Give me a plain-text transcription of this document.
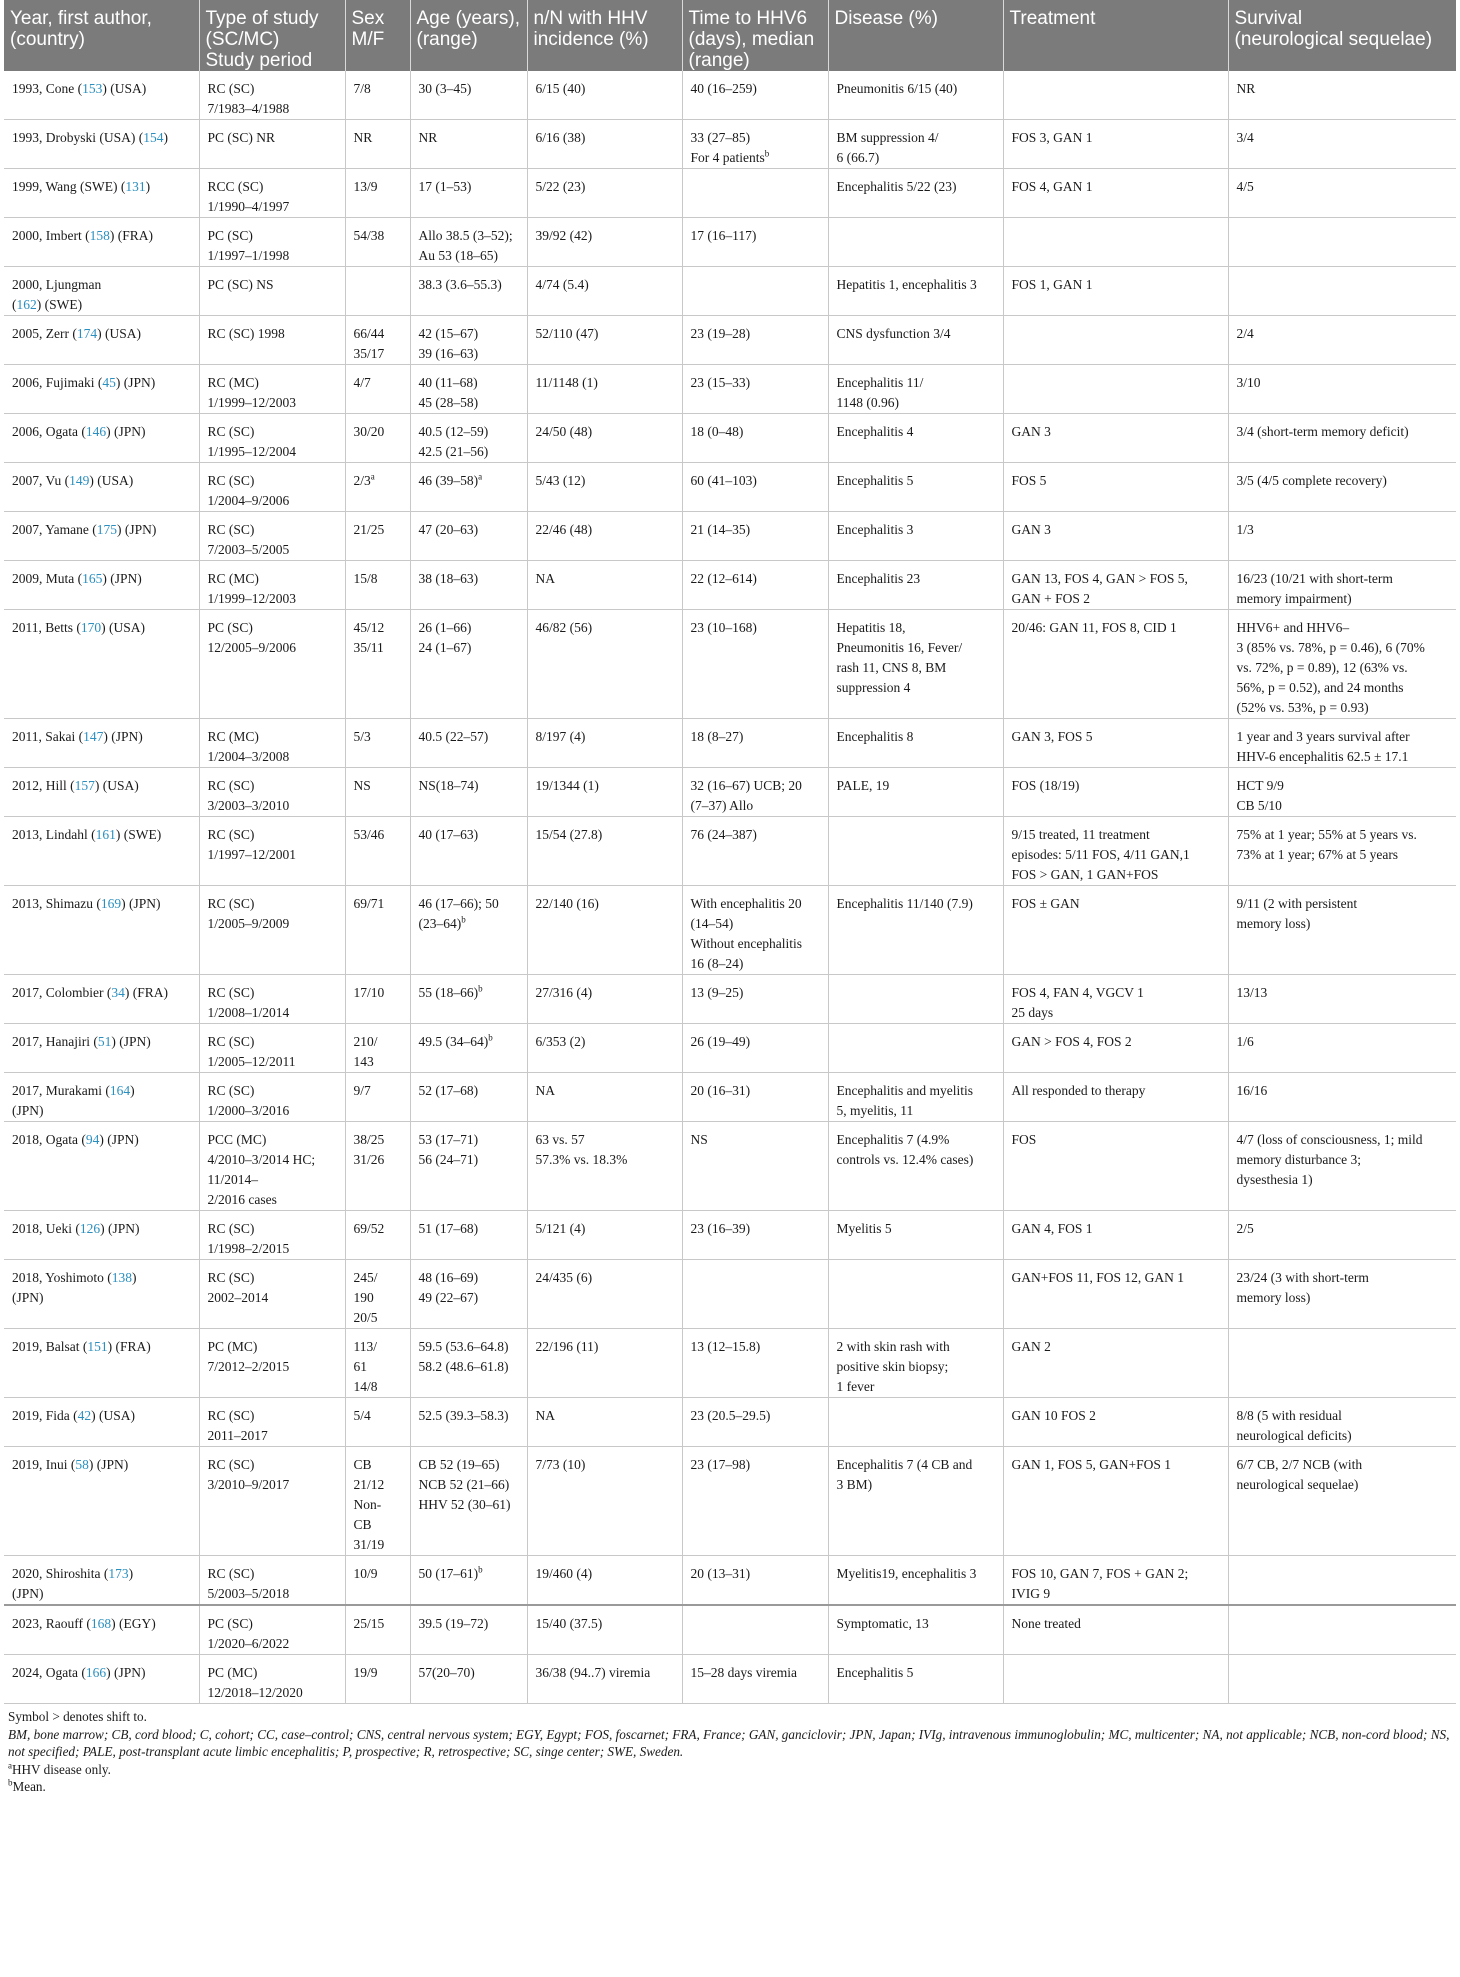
Year, first author,
(country)	Type of study
(SC/MC)
Study period	Sex
M/F	Age (years),
(range)	n/N with HHV
incidence (%)	Time to HHV6
(days), median
(range)	Disease (%)	Treatment	Survival
(neurological sequelae)
1993, Cone (153) (USA)	RC (SC)
7/1983–4/1988	7/8	30 (3–45)	6/15 (40)	40 (16–259)	Pneumonitis 6/15 (40)		NR
1993, Drobyski (USA) (154)	PC (SC) NR	NR	NR	6/16 (38)	33 (27–85)
For 4 patients$^b$	BM suppression 4/
6 (66.7)	FOS 3, GAN 1	3/4
1999, Wang (SWE) (131)	RCC (SC)
1/1990–4/1997	13/9	17 (1–53)	5/22 (23)		Encephalitis 5/22 (23)	FOS 4, GAN 1	4/5
2000, Imbert (158) (FRA)	PC (SC)
1/1997–1/1998	54/38	Allo 38.5 (3–52);
Au 53 (18–65)	39/92 (42)	17 (16–117)			
2000, Ljungman
(162) (SWE)	PC (SC) NS		38.3 (3.6–55.3)	4/74 (5.4)		Hepatitis 1, encephalitis 3	FOS 1, GAN 1	
2005, Zerr (174) (USA)	RC (SC) 1998	66/44
35/17	42 (15–67)
39 (16–63)	52/110 (47)	23 (19–28)	CNS dysfunction 3/4		2/4
2006, Fujimaki (45) (JPN)	RC (MC)
1/1999–12/2003	4/7	40 (11–68)
45 (28–58)	11/1148 (1)	23 (15–33)	Encephalitis 11/
1148 (0.96)		3/10
2006, Ogata (146) (JPN)	RC (SC)
1/1995–12/2004	30/20	40.5 (12–59)
42.5 (21–56)	24/50 (48)	18 (0–48)	Encephalitis 4	GAN 3	3/4 (short-term memory deficit)
2007, Vu (149) (USA)	RC (SC)
1/2004–9/2006	2/3$^a$	46 $(39-58)^a$	5/43 (12)	60 (41–103)	Encephalitis 5	FOS 5	3/5 (4/5 complete recovery)
2007, Yamane (175) (JPN)	RC (SC)
7/2003–5/2005	21/25	47 (20–63)	22/46 (48)	21 (14–35)	Encephalitis 3	GAN 3	1/3
2009, Muta (165) (JPN)	RC (MC)
1/1999–12/2003	15/8	38 (18–63)	NA	22 (12–614)	Encephalitis 23	GAN 13, FOS 4, GAN > FOS 5,
GAN + FOS 2	16/23 (10/21 with short-term
memory impairment)
2011, Betts (170) (USA)	PC (SC)
12/2005–9/2006	45/12
35/11	26 (1–66)
24 (1–67)	46/82 (56)	23 (10–168)	Hepatitis 18,
Pneumonitis 16, Fever/
rash 11, CNS 8, BM
suppression 4	20/46: GAN 11, FOS 8, CID 1	HHV6+ and HHV6–
3 (85% vs. 78%, p = 0.46), 6 (70%
vs. 72%, p = 0.89), 12 (63% vs.
56%, p = 0.52), and 24 months
(52% vs. 53%, p = 0.93)
2011, Sakai (147) (JPN)	RC (MC)
1/2004–3/2008	5/3	40.5 (22–57)	8/197 (4)	18 (8–27)	Encephalitis 8	GAN 3, FOS 5	1 year and 3 years survival after
HHV-6 encephalitis 62.5 ± 17.1
2012, Hill (157) (USA)	RC (SC)
3/2003–3/2010	NS	NS(18–74)	19/1344 (1)	32 (16–67) UCB; 20
(7–37) Allo	PALE, 19	FOS (18/19)	HCT 9/9
CB 5/10
2013, Lindahl (161) (SWE)	RC (SC)
1/1997–12/2001	53/46	40 (17–63)	15/54 (27.8)	76 (24–387)		9/15 treated, 11 treatment
episodes: 5/11 FOS, 4/11 GAN,1
FOS > GAN, 1 GAN+FOS	75% at 1 year; 55% at 5 years vs.
73% at 1 year; 67% at 5 years
2013, Shimazu (169) (JPN)	RC (SC)
1/2005–9/2009	69/71	46 (17–66); 50
$(23-64)^b$	22/140 (16)	With encephalitis 20
(14–54)
Without encephalitis
16 (8–24)	Encephalitis 11/140 (7.9)	FOS ± GAN	9/11 (2 with persistent
memory loss)
2017, Colombier (34) (FRA)	RC (SC)
1/2008–1/2014	17/10	55 $(18-66)^b$	27/316 (4)	13 (9–25)		FOS 4, FAN 4, VGCV 1
25 days	13/13
2017, Hanajiri (51) (JPN)	RC (SC)
1/2005–12/2011	210/
143	49.5 $(34-64)^b$	6/353 (2)	26 (19–49)		GAN > FOS 4, FOS 2	1/6
2017, Murakami (164)
(JPN)	RC (SC)
1/2000–3/2016	9/7	52 (17–68)	NA	20 (16–31)	Encephalitis and myelitis
5, myelitis, 11	All responded to therapy	16/16
2018, Ogata (94) (JPN)	PCC (MC)
4/2010–3/2014 HC;
11/2014–
2/2016 cases	38/25
31/26	53 (17–71)
56 (24–71)	63 vs. 57
57.3% vs. 18.3%	NS	Encephalitis 7 (4.9%
controls vs. 12.4% cases)	FOS	4/7 (loss of consciousness, 1; mild
memory disturbance 3;
dysesthesia 1)
2018, Ueki (126) (JPN)	RC (SC)
1/1998–2/2015	69/52	51 (17–68)	5/121 (4)	23 (16–39)	Myelitis 5	GAN 4, FOS 1	2/5
2018, Yoshimoto (138)
(JPN)	RC (SC)
2002–2014	245/
190
20/5	48 (16–69)
49 (22–67)	24/435 (6)			GAN+FOS 11, FOS 12, GAN 1	23/24 (3 with short-term
memory loss)
2019, Balsat (151) (FRA)	PC (MC)
7/2012–2/2015	113/
61
14/8	59.5 (53.6–64.8)
58.2 (48.6–61.8)	22/196 (11)	13 (12–15.8)	2 with skin rash with
positive skin biopsy;
1 fever	GAN 2	
2019, Fida (42) (USA)	RC (SC)
2011–2017	5/4	52.5 (39.3–58.3)	NA	23 (20.5–29.5)		GAN 10 FOS 2	8/8 (5 with residual
neurological deficits)
2019, Inui (58) (JPN)	RC (SC)
3/2010–9/2017	CB
21/12
Non-
CB
31/19	CB 52 (19–65)
NCB 52 (21–66)
HHV 52 (30–61)	7/73 (10)	23 (17–98)	Encephalitis 7 (4 CB and
3 BM)	GAN 1, FOS 5, GAN+FOS 1	6/7 CB, 2/7 NCB (with
neurological sequelae)
2020, Shiroshita (173)
(JPN)	RC (SC)
5/2003–5/2018	10/9	50 $(17-61)^b$	19/460 (4)	20 (13–31)	Myelitis19, encephalitis 3	FOS 10, GAN 7, FOS + GAN 2;
IVIG 9	
2023, Raouff (168) (EGY)	PC (SC)
1/2020–6/2022	25/15	39.5 (19–72)	15/40 (37.5)		Symptomatic, 13	None treated	
2024, Ogata (166) (JPN)	PC (MC)
12/2018–12/2020	19/9	57(20–70)	36/38 (94..7) viremia	15–28 days viremia	Encephalitis 5		

Symbol > denotes shift to.

BM, bone marrow; CB, cord blood; C, cohort; CC, case–control; CNS, central nervous system; EGY, Egypt; FOS, foscarnet; FRA, France; GAN, ganciclovir; JPN, Japan; IVIg, intravenous immunoglobulin; MC, multicenter; NA, not applicable; NCB, non-cord blood; NS, not specified; PALE, post-transplant acute limbic encephalitis; P, prospective; R, retrospective; SC, singe center; SWE, Sweden.

$^a$HHV disease only.

$^b$Mean.
